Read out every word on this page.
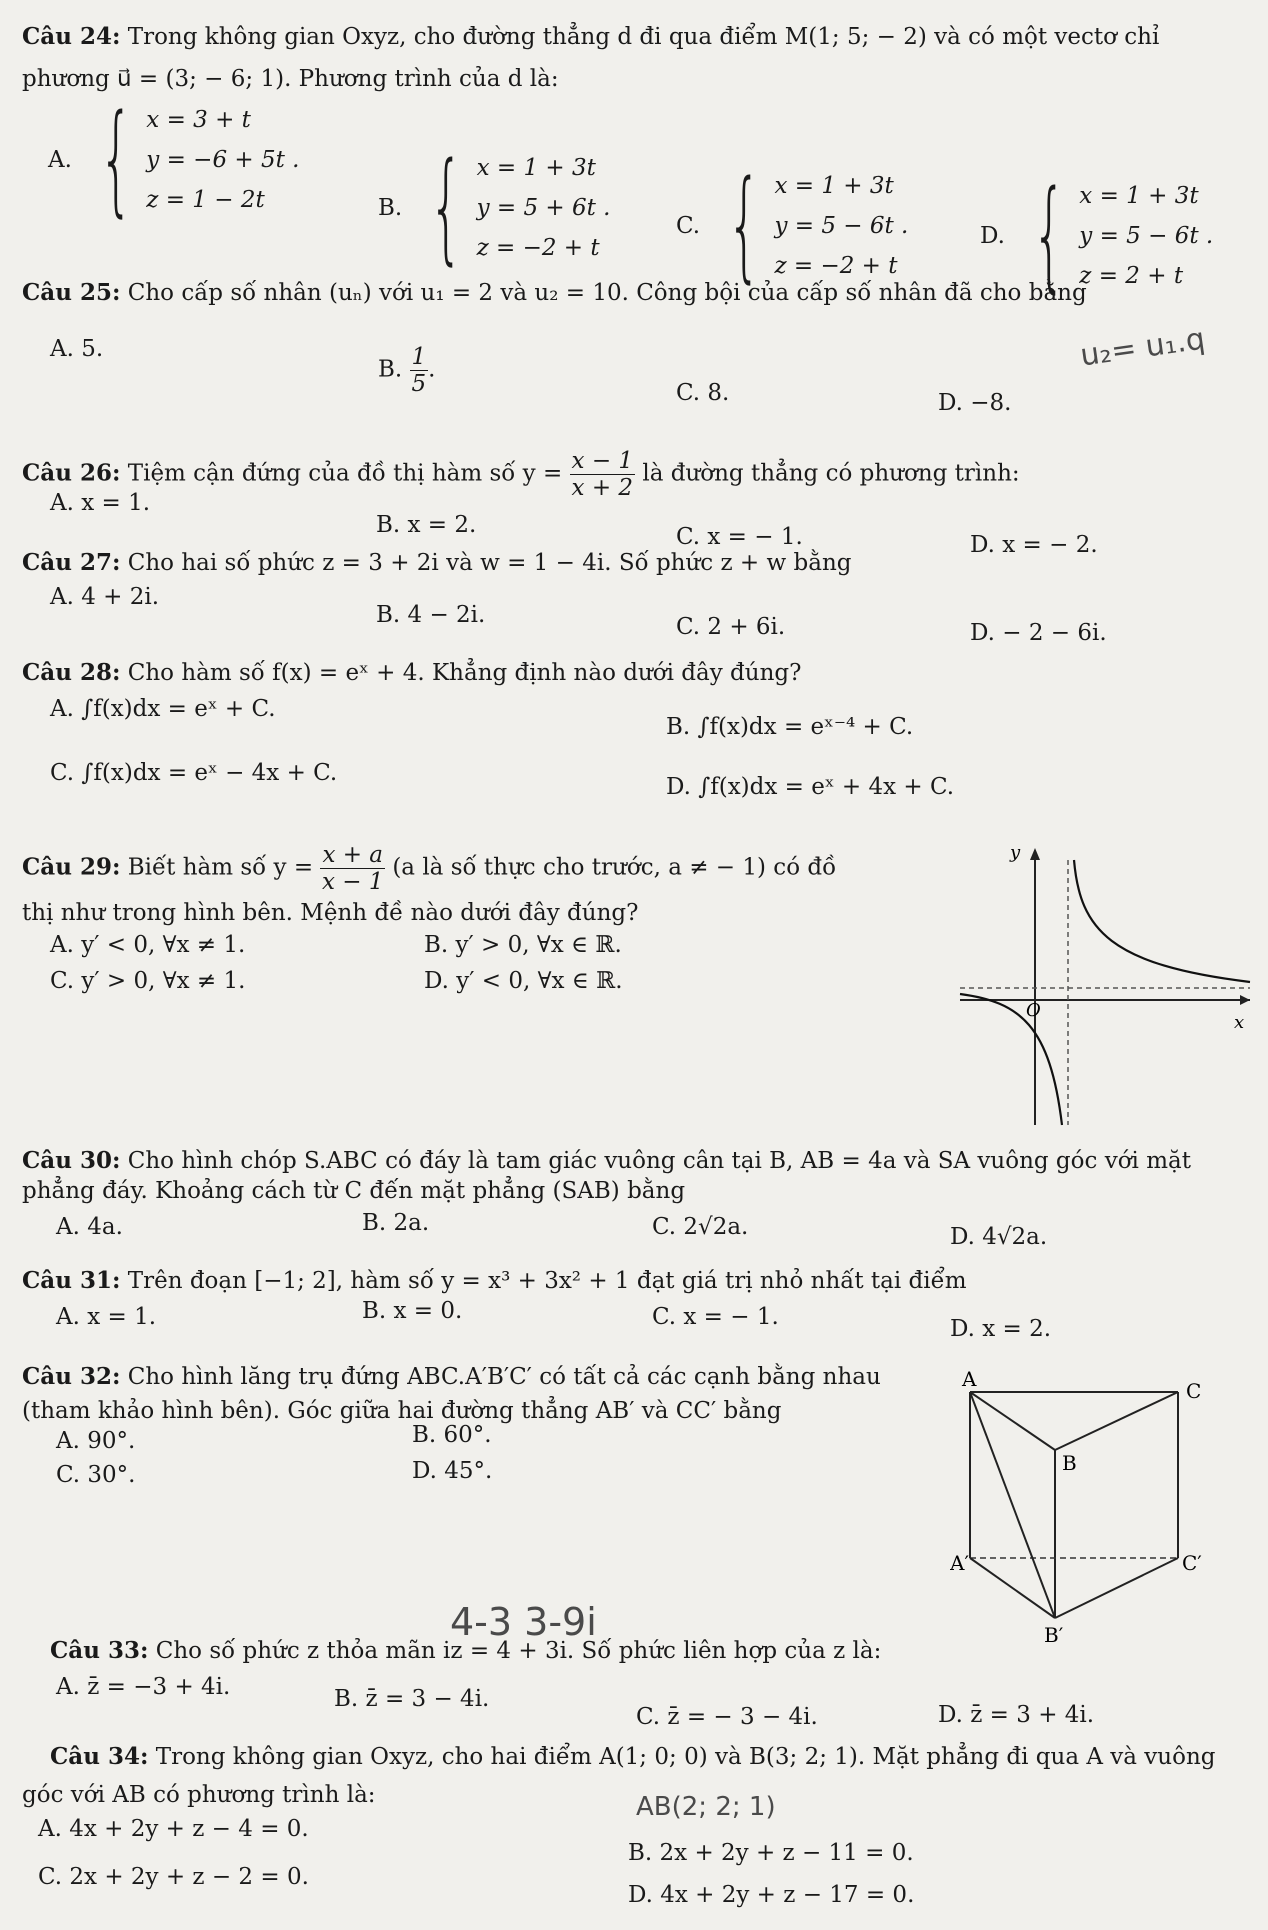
Câu 24: Trong không gian Oxyz, cho đường thẳng d đi qua điểm M(1; 5; − 2) và có một vectơ chỉ
phương u⃗ = (3; − 6; 1). Phương trình của d là:
A. { x = 3 + t
y = −6 + 5t .
z = 1 − 2t	B. { x = 1 + 3t
y = 5 + 6t .
z = −2 + t
C. { x = 1 + 3t
y = 5 − 6t .
z = −2 + t
D. { x = 1 + 3t
y = 5 − 6t .
z = 2 + t
Câu 25: Cho cấp số nhân (uₙ) với u₁ = 2 và u₂ = 10. Công bội của cấp số nhân đã cho bằng
A. 5.
B. $\frac{1}{5}$ .
C. 8.	D. −8.
u₂= u₁.q
Câu 26: Tiệm cận đứng của đồ thị hàm số $y = \frac{x - 1}{x + 2}$ là đường thẳng có phương trình:
A. x = 1.
B. x = 2.	C. x = − 1.	D. x = − 2.
Câu 27: Cho hai số phức z = 3 + 2i và w = 1 − 4i. Số phức z + w bằng
A. 4 + 2i.
B. 4 − 2i.	C. 2 + 6i.	D. − 2 − 6i.
Câu 28: Cho hàm số f(x) = eˣ + 4. Khẳng định nào dưới đây đúng?
A. ∫f(x)dx = eˣ + C.
B. ∫f(x)dx = eˣ⁻⁴ + C.
C. ∫f(x)dx = eˣ − 4x + C.
D. ∫f(x)dx = eˣ + 4x + C.
Câu 29: Biết hàm số $y = \frac{x + a}{x - 1} (a$ là số thực cho trước, a ≠ − 1) có đồ
thị như trong hình bên. Mệnh đề nào dưới đây đúng?
A. y′ < 0, ∀x ≠ 1.	B. y′ > 0, ∀x ∈ ℝ.
C. y′ > 0, ∀x ≠ 1.	D. y′ < 0, ∀x ∈ ℝ.
y
x
O
Câu 30: Cho hình chóp S.ABC có đáy là tam giác vuông cân tại B, AB = 4a và SA vuông góc với mặt
phẳng đáy. Khoảng cách từ C đến mặt phẳng (SAB) bằng
A. 4a.	B. 2a.	C. 2√2a.	D. 4√2a.
Câu 31: Trên đoạn [−1; 2], hàm số y = x³ + 3x² + 1 đạt giá trị nhỏ nhất tại điểm
A. x = 1.	B. x = 0.	C. x = − 1.	D. x = 2.
Câu 32: Cho hình lăng trụ đứng ABC.A′B′C′ có tất cả các cạnh bằng nhau
(tham khảo hình bên). Góc giữa hai đường thẳng AB′ và CC′ bằng
A. 90°.	B. 60°.
C. 30°.	D. 45°.
A	C
B
A′	C′
B′
4-3 3-9i
Câu 33: Cho số phức z thỏa mãn iz = 4 + 3i. Số phức liên hợp của z là:
A. z̄ = −3 + 4i.	B. z̄ = 3 − 4i.
C. z̄ = − 3 − 4i.	D. z̄ = 3 + 4i.
Câu 34: Trong không gian Oxyz, cho hai điểm A(1; 0; 0) và B(3; 2; 1). Mặt phẳng đi qua A và vuông
góc với AB có phương trình là:
A. 4x + 2y + z − 4 = 0.
C. 2x + 2y + z − 2 = 0.
B. 2x + 2y + z − 11 = 0.
D. 4x + 2y + z − 17 = 0.
AB(2; 2; 1)
